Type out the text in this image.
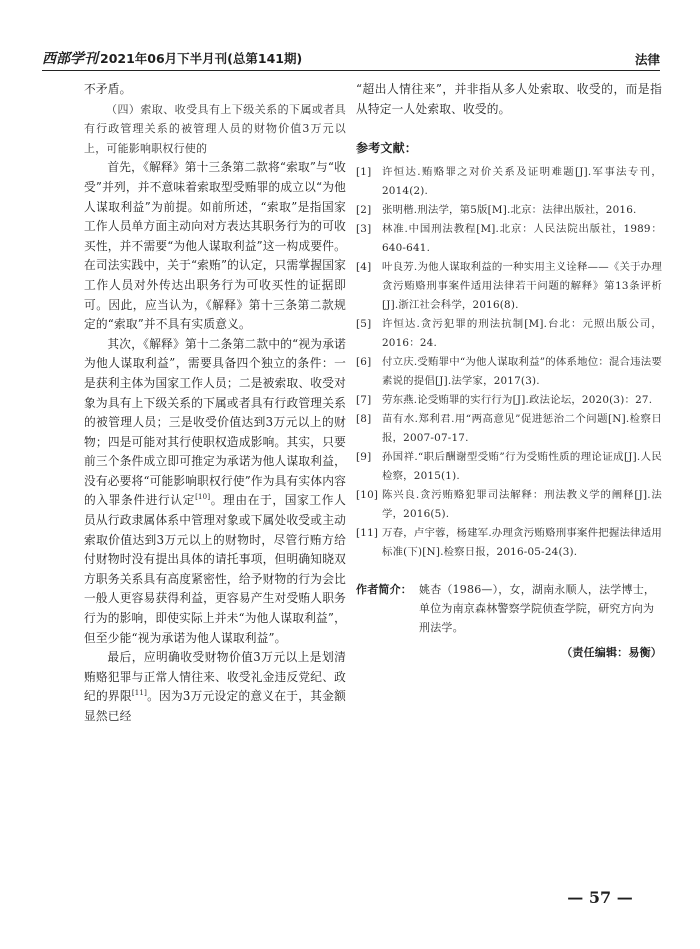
西部学刊 2021年06月下半月刊(总第141期)	法律

不矛盾。

（四）索取、收受具有上下级关系的下属或者具有行政管理关系的被管理人员的财物价值3万元以上，可能影响职权行使的

首先，《解释》第十三条第二款将“索取”与“收受”并列，并不意味着索取型受贿罪的成立以“为他人谋取利益”为前提。如前所述，“索取”是指国家工作人员单方面主动向对方表达其职务行为的可收买性，并不需要“为他人谋取利益”这一构成要件。在司法实践中，关于“索贿”的认定，只需掌握国家工作人员对外传达出职务行为可收买性的证据即可。因此，应当认为，《解释》第十三条第二款规定的“索取”并不具有实质意义。

其次，《解释》第十二条第二款中的“视为承诺为他人谋取利益”，需要具备四个独立的条件：一是获利主体为国家工作人员；二是被索取、收受对象为具有上下级关系的下属或者具有行政管理关系的被管理人员；三是收受价值达到3万元以上的财物；四是可能对其行使职权造成影响。其实，只要前三个条件成立即可推定为承诺为他人谋取利益，没有必要将“可能影响职权行使”作为具有实体内容的入罪条件进行认定[10]。理由在于，国家工作人员从行政隶属体系中管理对象或下属处收受或主动索取价值达到3万元以上的财物时，尽管行贿方给付财物时没有提出具体的请托事项，但明确知晓双方职务关系具有高度紧密性，给予财物的行为会比一般人更容易获得利益，更容易产生对受贿人职务行为的影响，即使实际上并未“为他人谋取利益”，但至少能“视为承诺为他人谋取利益”。

最后，应明确收受财物价值3万元以上是划清贿赂犯罪与正常人情往来、收受礼金违反党纪、政纪的界限[11]。因为3万元设定的意义在于，其金额显然已经

“超出人情往来”，并非指从多人处索取、收受的，而是指从特定一人处索取、收受的。

参考文献：
[1]	许恒达.贿赂罪之对价关系及证明难题[J].军事法专刊，2014(2).
[2]	张明楷.刑法学，第5版[M].北京：法律出版社，2016.
[3]	林准.中国刑法教程[M].北京：人民法院出版社，1989：640-641.
[4]	叶良芳.为他人谋取利益的一种实用主义诠释——《关于办理贪污贿赂刑事案件适用法律若干问题的解释》第13条评析[J].浙江社会科学，2016(8).
[5]	许恒达.贪污犯罪的刑法抗制[M].台北：元照出版公司，2016：24.
[6]	付立庆.受贿罪中“为他人谋取利益”的体系地位：混合违法要素说的提倡[J].法学家，2017(3).
[7]	劳东燕.论受贿罪的实行行为[J].政法论坛，2020(3)：27.
[8]	苗有水.郑利君.用“两高意见”促进惩治二个问题[N].检察日报，2007-07-17.
[9]	孙国祥.“职后酬谢型受贿”行为受贿性质的理论证成[J].人民检察，2015(1).
[10] 陈兴良.贪污贿赂犯罪司法解释：刑法教义学的阐释[J].法学，2016(5).
[11] 万春，卢宇蓉，杨建军.办理贪污贿赂刑事案件把握法律适用标准(下)[N].检察日报，2016-05-24(3).
作者简介： 姚杏（1986—），女，湖南永顺人，法学博士，单位为南京森林警察学院侦查学院，研究方向为刑法学。
（责任编辑：易衡）
— 57 —
